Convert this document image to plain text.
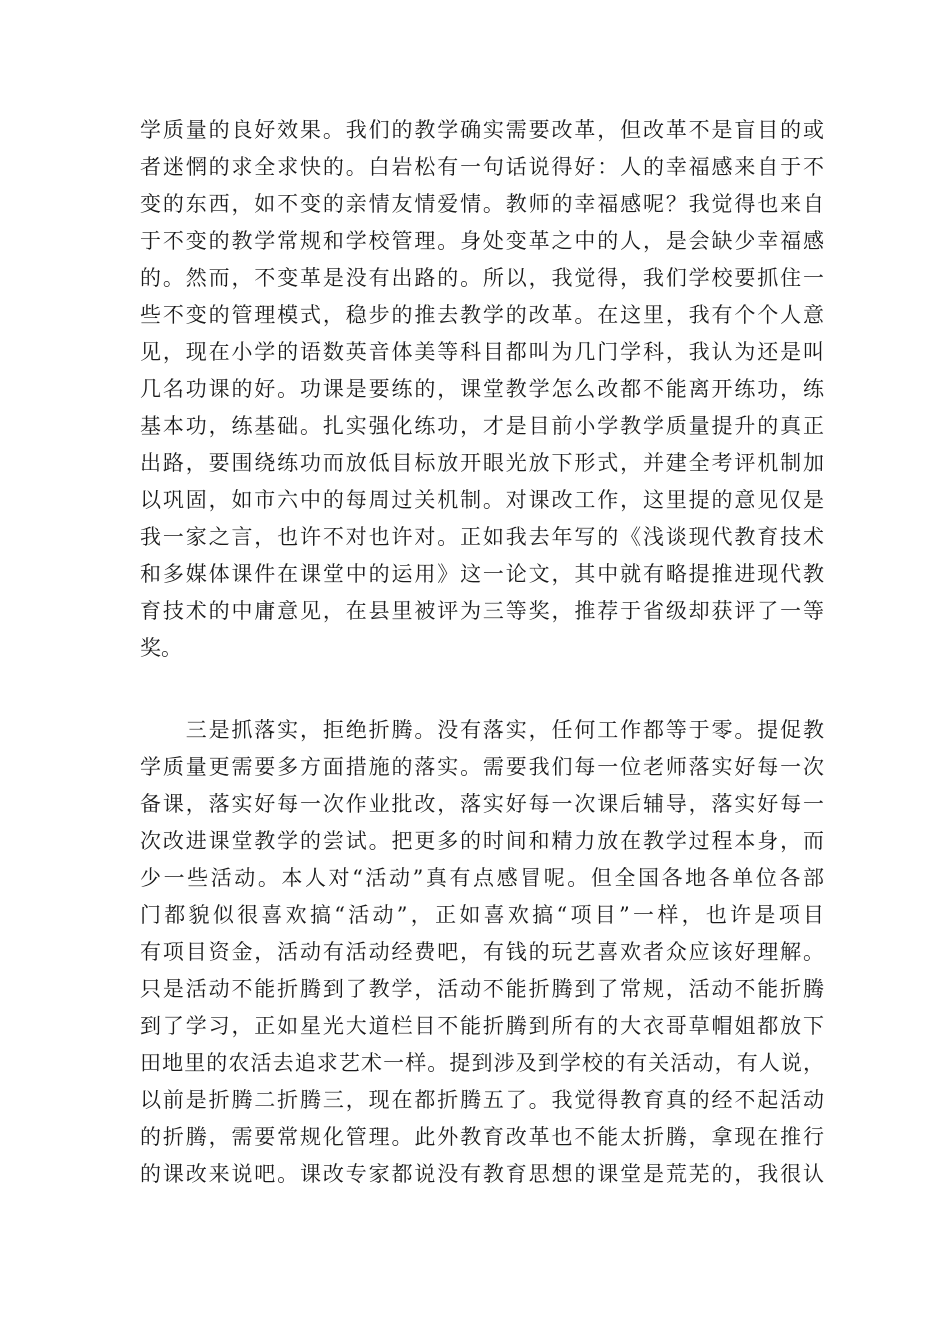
学质量的良好效果。我们的教学确实需要改革，但改革不是盲目的或
者迷惘的求全求快的。白岩松有一句话说得好：人的幸福感来自于不
变的东西，如不变的亲情友情爱情。教师的幸福感呢？我觉得也来自
于不变的教学常规和学校管理。身处变革之中的人，是会缺少幸福感
的。然而，不变革是没有出路的。所以，我觉得，我们学校要抓住一
些不变的管理模式，稳步的推去教学的改革。在这里，我有个个人意
见，现在小学的语数英音体美等科目都叫为几门学科，我认为还是叫
几名功课的好。功课是要练的，课堂教学怎么改都不能离开练功，练
基本功，练基础。扎实强化练功，才是目前小学教学质量提升的真正
出路，要围绕练功而放低目标放开眼光放下形式，并建全考评机制加
以巩固，如市六中的每周过关机制。对课改工作，这里提的意见仅是
我一家之言，也许不对也许对。正如我去年写的《浅谈现代教育技术
和多媒体课件在课堂中的运用》这一论文，其中就有略提推进现代教
育技术的中庸意见，在县里被评为三等奖，推荐于省级却获评了一等
奖。
　　三是抓落实，拒绝折腾。没有落实，任何工作都等于零。提促教
学质量更需要多方面措施的落实。需要我们每一位老师落实好每一次
备课，落实好每一次作业批改，落实好每一次课后辅导，落实好每一
次改进课堂教学的尝试。把更多的时间和精力放在教学过程本身，而
少一些活动。本人对“活动”真有点感冒呢。但全国各地各单位各部
门都貌似很喜欢搞“活动”，正如喜欢搞“项目”一样，也许是项目
有项目资金，活动有活动经费吧，有钱的玩艺喜欢者众应该好理解。
只是活动不能折腾到了教学，活动不能折腾到了常规，活动不能折腾
到了学习，正如星光大道栏目不能折腾到所有的大衣哥草帽姐都放下
田地里的农活去追求艺术一样。提到涉及到学校的有关活动，有人说，
以前是折腾二折腾三，现在都折腾五了。我觉得教育真的经不起活动
的折腾，需要常规化管理。此外教育改革也不能太折腾，拿现在推行
的课改来说吧。课改专家都说没有教育思想的课堂是荒芜的，我很认
